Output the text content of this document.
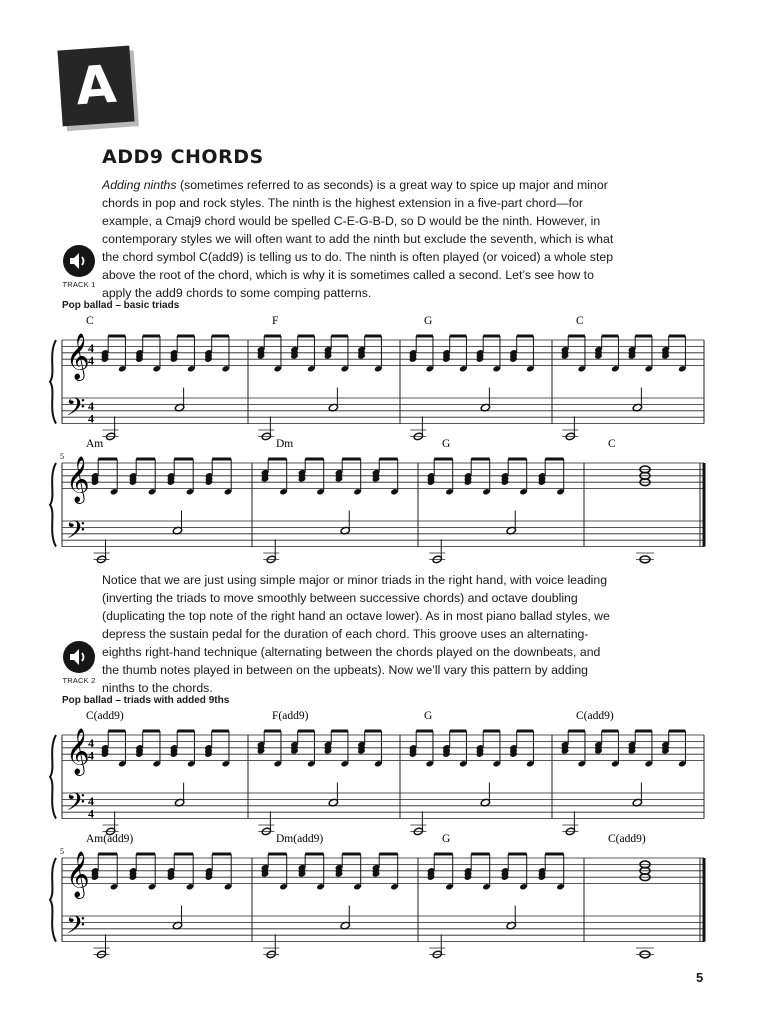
A
ADD9 CHORDS

Adding ninths (sometimes referred to as seconds) is a great way to spice up major and minor chords in pop and rock styles. The ninth is the highest extension in a five-part chord—for example, a Cmaj9 chord would be spelled C-E-G-B-D, so D would be the ninth. However, in contemporary styles we will often want to add the ninth but exclude the seventh, which is what the chord symbol C(add9) is telling us to do. The ninth is often played (or voiced) a whole step above the root of the chord, which is why it is sometimes called a second. Let’s see how to apply the add9 chords to some comping patterns.

TRACK 1
Pop ballad – basic triads
C	F	G	C
𝄞
𝄢
4
4
4
4
Am	Dm	G	C
5
𝄞
𝄢

Notice that we are just using simple major or minor triads in the right hand, with voice leading (inverting the triads to move smoothly between successive chords) and octave doubling (duplicating the top note of the right hand an octave lower). As in most piano ballad styles, we depress the sustain pedal for the duration of each chord. This groove uses an alternating-eighths right-hand technique (alternating between the chords played on the downbeats, and the thumb notes played in between on the upbeats). Now we’ll vary this pattern by adding ninths to the chords.

TRACK 2
Pop ballad – triads with added 9ths
C(add9)	F(add9)	G	C(add9)
𝄞
𝄢
4
4
4
4
Am(add9)	Dm(add9)	G	C(add9)
5
𝄞
𝄢
5
